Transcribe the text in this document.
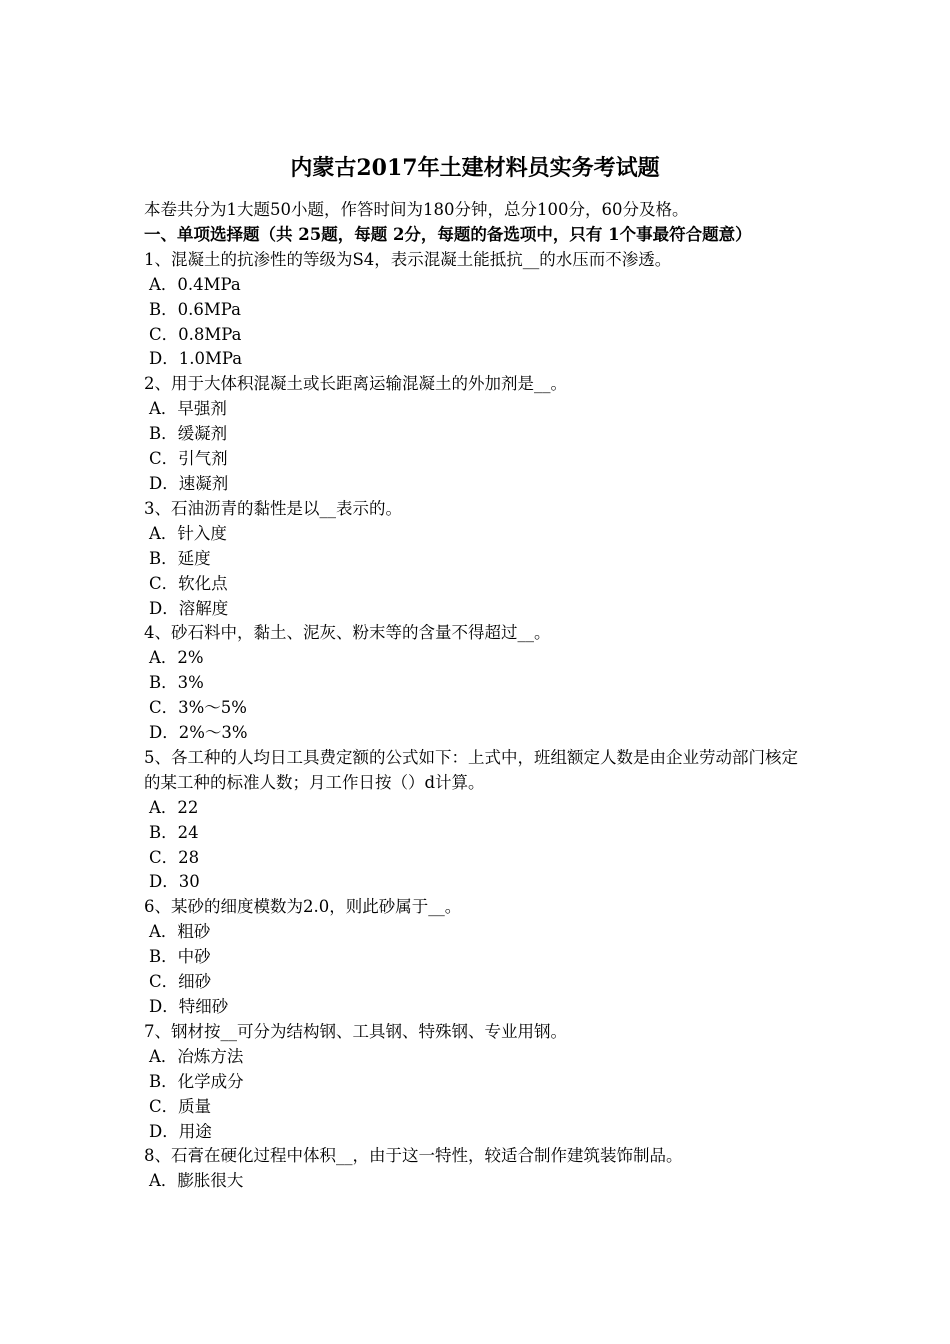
内蒙古2017年土建材料员实务考试题
本卷共分为1大题50小题，作答时间为180分钟，总分100分，60分及格。
一、单项选择题（共 25题，每题 2分，每题的备选项中，只有 1个事最符合题意）
1、混凝土的抗渗性的等级为S4，表示混凝土能抵抗__的水压而不渗透。
A．0.4MPa
B．0.6MPa
C．0.8MPa
D．1.0MPa
2、用于大体积混凝土或长距离运输混凝土的外加剂是__。
A．早强剂
B．缓凝剂
C．引气剂
D．速凝剂
3、石油沥青的黏性是以__表示的。
A．针入度
B．延度
C．软化点
D．溶解度
4、砂石料中，黏土、泥灰、粉末等的含量不得超过__。
A．2%
B．3%
C．3%～5%
D．2%～3%
5、各工种的人均日工具费定额的公式如下：上式中，班组额定人数是由企业劳动部门核定的某工种的标准人数；月工作日按（）d计算。
A．22
B．24
C．28
D．30
6、某砂的细度模数为2.0，则此砂属于__。
A．粗砂
B．中砂
C．细砂
D．特细砂
7、钢材按__可分为结构钢、工具钢、特殊钢、专业用钢。
A．冶炼方法
B．化学成分
C．质量
D．用途
8、石膏在硬化过程中体积__，由于这一特性，较适合制作建筑装饰制品。
A．膨胀很大
